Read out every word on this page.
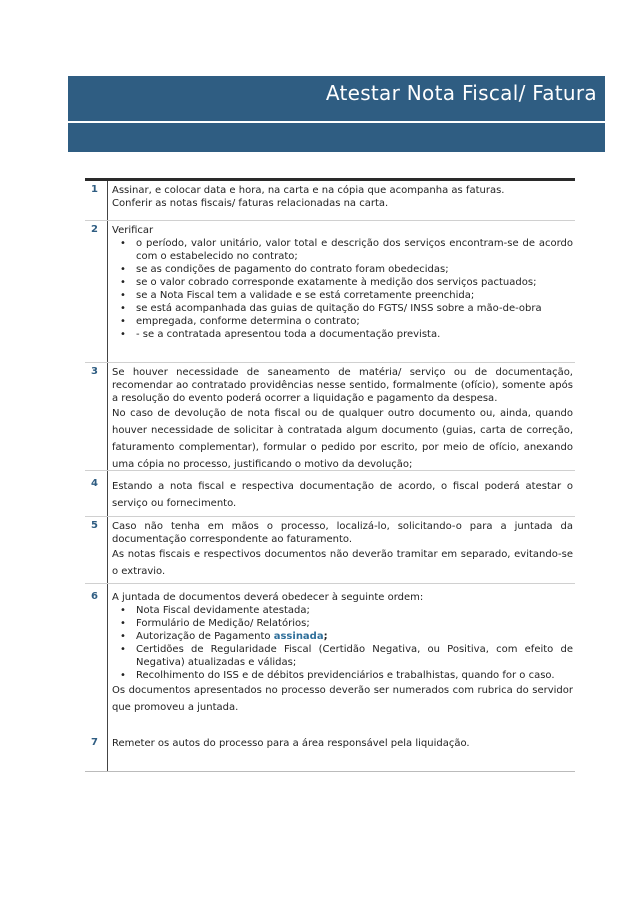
Atestar Nota Fiscal/ Fatura
1	Assinar, e colocar data e hora, na carta e na cópia que acompanha as faturas.

Conferir as notas fiscais/ faturas relacionadas na carta.

2	Verificar

• o período, valor unitário, valor total e descrição dos serviços encontram-se de acordo com o estabelecido no contrato;
• se as condições de pagamento do contrato foram obedecidas;
• se o valor cobrado corresponde exatamente à medição dos serviços pactuados;
• se a Nota Fiscal tem a validade e se está corretamente preenchida;
• se está acompanhada das guias de quitação do FGTS/ INSS sobre a mão-de-obra
• empregada, conforme determina o contrato;
• - se a contratada apresentou toda a documentação prevista.
3	Se houver necessidade de saneamento de matéria/ serviço ou de documentação, recomendar ao contratado providências nesse sentido, formalmente (ofício), somente após a resolução do evento poderá ocorrer a liquidação e pagamento da despesa.

No caso de devolução de nota fiscal ou de qualquer outro documento ou, ainda, quando houver necessidade de solicitar à contratada algum documento (guias, carta de correção, faturamento complementar), formular o pedido por escrito, por meio de ofício, anexando uma cópia no processo, justificando o motivo da devolução;

4	Estando a nota fiscal e respectiva documentação de acordo, o fiscal poderá atestar o serviço ou fornecimento.

5	Caso não tenha em mãos o processo, localizá-lo, solicitando-o para a juntada da documentação correspondente ao faturamento.

As notas fiscais e respectivos documentos não deverão tramitar em separado, evitando-se o extravio.

6	A juntada de documentos deverá obedecer à seguinte ordem:

• Nota Fiscal devidamente atestada;
• Formulário de Medição/ Relatórios;
• Autorização de Pagamento assinada;
• Certidões de Regularidade Fiscal (Certidão Negativa, ou Positiva, com efeito de Negativa) atualizadas e válidas;
• Recolhimento do ISS e de débitos previdenciários e trabalhistas, quando for o caso.

Os documentos apresentados no processo deverão ser numerados com rubrica do servidor que promoveu a juntada.

7	Remeter os autos do processo para a área responsável pela liquidação.
